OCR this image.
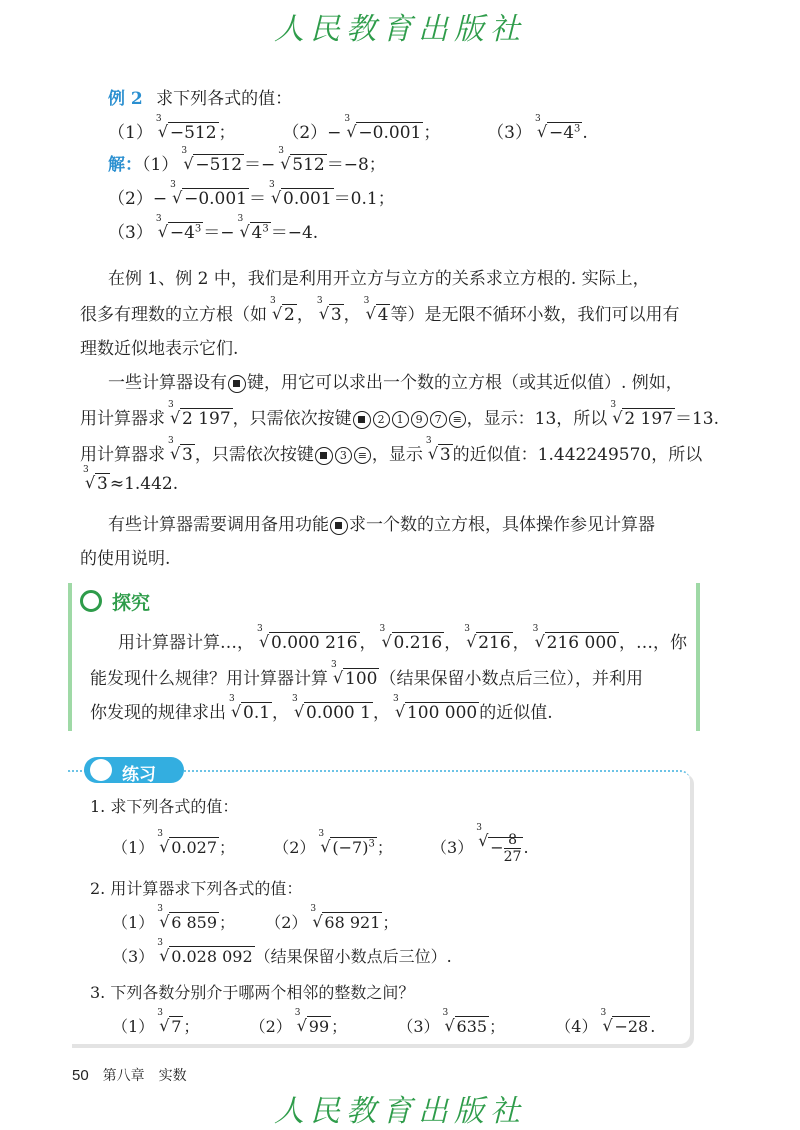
人民教育出版社
例 2 求下列各式的值：
（1）
3
√ −512 ；	（2）−
3
√ −0.001 ；	（3）
3
√ $-4^3$ .
解：（1）
3
√ −512 ＝−
3
√ 512 ＝−8；
（2）−
3
√ −0.001 ＝
3
√ 0.001 ＝0.1；
（3）
3
√ $-4^3$ ＝−
3
√ $4^3 =-4$.
在例 1、例 2 中，我们是利用开立方与立方的关系求立方根的. 实际上，
很多有理数的立方根（如
3
√ 2 ，
3
√ 3 ，
3
√ 4 等）是无限不循环小数，我们可以用有
理数近似地表示它们.
一些计算器设有 键，用它可以求出一个数的立方根（或其近似值）. 例如，
用计算器求
3
√ 2 197 ，只需依次按键 2 1 9 7 ≡ ，显示：13，所以
3
√ 2 197 ＝13.
用计算器求
3
√ 3 ，只需依次按键 3 ≡ ，显示
3
√ 3 的近似值：1.442249570，所以
3
√ 3 ≈1.442.
有些计算器需要调用备用功能 求一个数的立方根，具体操作参见计算器
的使用说明.
探究
用计算器计算…，
3
√ 0.000 216 ，
3
√ 0.216 ，
3
√ 216 ，
3
√ 216 000 ，…，你
能发现什么规律？用计算器计算
3
√ 100 （结果保留小数点后三位），并利用
你发现的规律求出
3
√ 0.1 ，
3
√ 0.000 1 ，
3
√ 100 000 的近似值.
练习
1. 求下列各式的值：
（1）
3
√ 0.027 ； （2）
3
√ $(-7)^3$ ； （3）
3
√ − $\frac{8}{27}$ .
2. 用计算器求下列各式的值：
（1）
3
√ 6 859 ； （2）
3
√ 68 921 ；
（3）
3
√ 0.028 092 （结果保留小数点后三位）.
3. 下列各数分别介于哪两个相邻的整数之间？
（1）
3
√ 7 ；	（2）
3
√ 99 ；	（3）
3
√ 635 ；	（4）
3
√ −28 .
50 第八章　实数
人民教育出版社
